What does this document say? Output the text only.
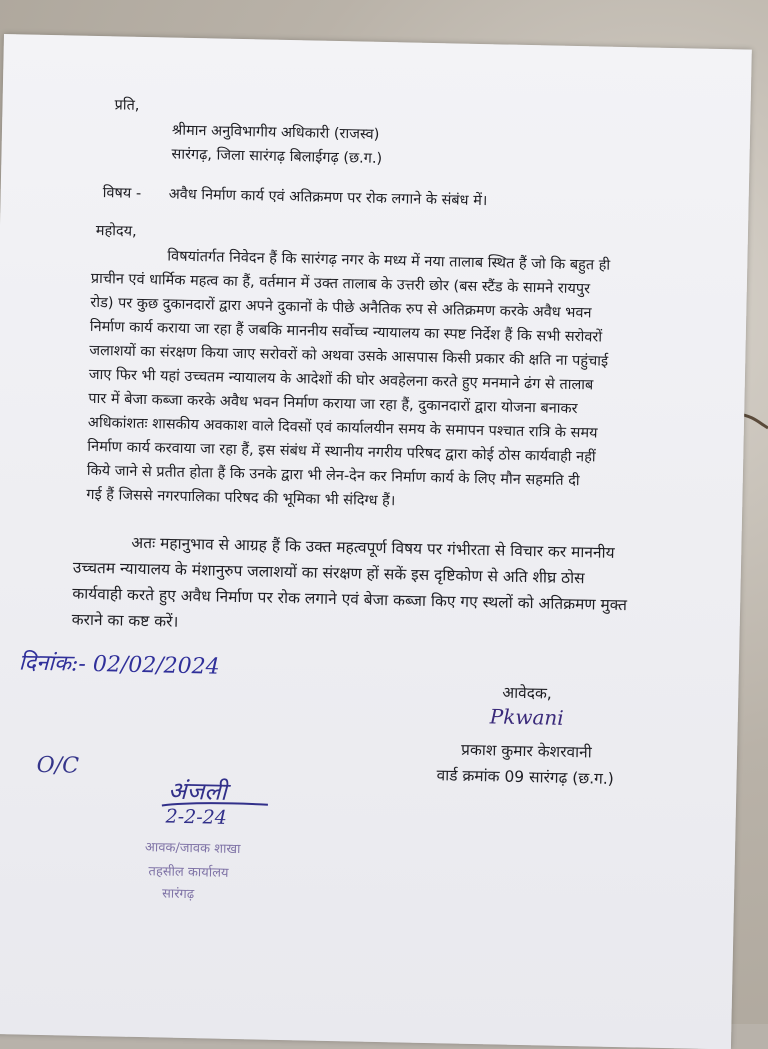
प्रति,
श्रीमान अनुविभागीय अधिकारी (राजस्व)
सारंगढ़, जिला सारंगढ़ बिलाईगढ़ (छ.ग.)
विषय - अवैध निर्माण कार्य एवं अतिक्रमण पर रोक लगाने के संबंध में।
महोदय,
विषयांतर्गत निवेदन हैं कि सारंगढ़ नगर के मध्य में नया तालाब स्थित हैं जो कि बहुत ही
प्राचीन एवं धार्मिक महत्व का हैं, वर्तमान में उक्त तालाब के उत्तरी छोर (बस स्टैंड के सामने रायपुर
रोड) पर कुछ दुकानदारों द्वारा अपने दुकानों के पीछे अनैतिक रुप से अतिक्रमण करके अवैध भवन
निर्माण कार्य कराया जा रहा हैं जबकि माननीय सर्वोच्च न्यायालय का स्पष्ट निर्देश हैं कि सभी सरोवरों
जलाशयों का संरक्षण किया जाए सरोवरों को अथवा उसके आसपास किसी प्रकार की क्षति ना पहुंचाई
जाए फिर भी यहां उच्चतम न्यायालय के आदेशों की घोर अवहेलना करते हुए मनमाने ढंग से तालाब
पार में बेजा कब्जा करके अवैध भवन निर्माण कराया जा रहा हैं, दुकानदारों द्वारा योजना बनाकर
अधिकांशतः शासकीय अवकाश वाले दिवसों एवं कार्यालयीन समय के समापन पश्चात रात्रि के समय
निर्माण कार्य करवाया जा रहा हैं, इस संबंध में स्थानीय नगरीय परिषद द्वारा कोई ठोस कार्यवाही नहीं
किये जाने से प्रतीत होता हैं कि उनके द्वारा भी लेन-देन कर निर्माण कार्य के लिए मौन सहमति दी
गई हैं जिससे नगरपालिका परिषद की भूमिका भी संदिग्ध हैं।
अतः महानुभाव से आग्रह हैं कि उक्त महत्वपूर्ण विषय पर गंभीरता से विचार कर माननीय
उच्चतम न्यायालय के मंशानुरुप जलाशयों का संरक्षण हों सकें इस दृष्टिकोण से अति शीघ्र ठोस
कार्यवाही करते हुए अवैध निर्माण पर रोक लगाने एवं बेजा कब्जा किए गए स्थलों को अतिक्रमण मुक्त
कराने का कष्ट करें।
दिनांक:- 02/02/2024
आवेदक,
Pkwani
प्रकाश कुमार केशरवानी
वार्ड क्रमांक 09 सारंगढ़ (छ.ग.)
O/C
अंजली
2-2-24
आवक/जावक शाखा
तहसील कार्यालय
सारंगढ़
